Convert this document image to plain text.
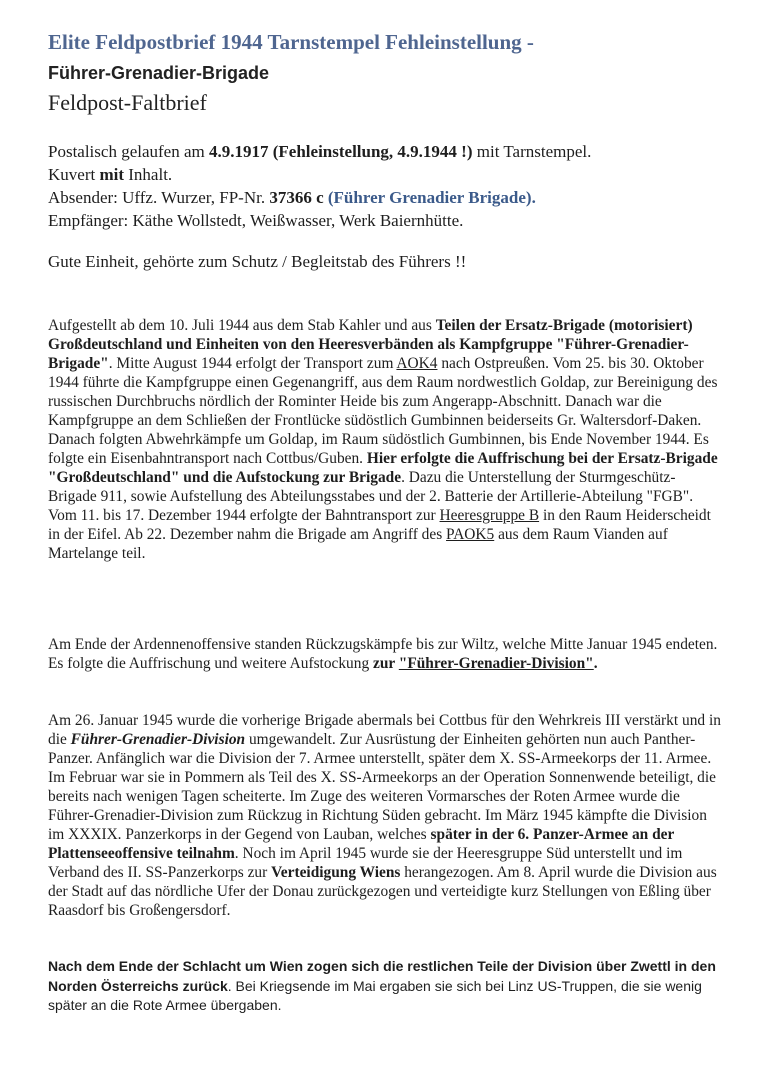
Elite Feldpostbrief 1944 Tarnstempel Fehleinstellung -
Führer-Grenadier-Brigade
Feldpost-Faltbrief
Postalisch gelaufen am 4.9.1917 (Fehleinstellung, 4.9.1944 !) mit Tarnstempel.
Kuvert mit Inhalt.
Absender: Uffz. Wurzer, FP-Nr. 37366 c (Führer Grenadier Brigade).
Empfänger: Käthe Wollstedt, Weißwasser, Werk Baiernhütte.
Gute Einheit, gehörte zum Schutz / Begleitstab des Führers !!

Aufgestellt ab dem 10. Juli 1944 aus dem Stab Kahler und aus Teilen der Ersatz-Brigade (motorisiert) Großdeutschland und Einheiten von den Heeresverbänden als Kampfgruppe "Führer-Grenadier-Brigade". Mitte August 1944 erfolgt der Transport zum AOK4 nach Ostpreußen. Vom 25. bis 30. Oktober 1944 führte die Kampfgruppe einen Gegenangriff, aus dem Raum nordwestlich Goldap, zur Bereinigung des russischen Durchbruchs nördlich der Rominter Heide bis zum Angerapp-Abschnitt. Danach war die Kampfgruppe an dem Schließen der Frontlücke südöstlich Gumbinnen beiderseits Gr. Waltersdorf-Daken. Danach folgten Abwehrkämpfe um Goldap, im Raum südöstlich Gumbinnen, bis Ende November 1944. Es folgte ein Eisenbahntransport nach Cottbus/Guben. Hier erfolgte die Auffrischung bei der Ersatz-Brigade "Großdeutschland" und die Aufstockung zur Brigade. Dazu die Unterstellung der Sturmgeschütz-Brigade 911, sowie Aufstellung des Abteilungsstabes und der 2. Batterie der Artillerie-Abteilung "FGB". Vom 11. bis 17. Dezember 1944 erfolgte der Bahntransport zur Heeresgruppe B in den Raum Heiderscheidt in der Eifel. Ab 22. Dezember nahm die Brigade am Angriff des PAOK5 aus dem Raum Vianden auf Martelange teil.

Am Ende der Ardennenoffensive standen Rückzugskämpfe bis zur Wiltz, welche Mitte Januar 1945 endeten. Es folgte die Auffrischung und weitere Aufstockung zur "Führer-Grenadier-Division".

Am 26. Januar 1945 wurde die vorherige Brigade abermals bei Cottbus für den Wehrkreis III verstärkt und in die Führer-Grenadier-Division umgewandelt. Zur Ausrüstung der Einheiten gehörten nun auch Panther-Panzer. Anfänglich war die Division der 7. Armee unterstellt, später dem X. SS-Armeekorps der 11. Armee. Im Februar war sie in Pommern als Teil des X. SS-Armeekorps an der Operation Sonnenwende beteiligt, die bereits nach wenigen Tagen scheiterte. Im Zuge des weiteren Vormarsches der Roten Armee wurde die Führer-Grenadier-Division zum Rückzug in Richtung Süden gebracht. Im März 1945 kämpfte die Division im XXXIX. Panzerkorps in der Gegend von Lauban, welches später in der 6. Panzer-Armee an der Plattenseeoffensive teilnahm. Noch im April 1945 wurde sie der Heeresgruppe Süd unterstellt und im Verband des II. SS-Panzerkorps zur Verteidigung Wiens herangezogen. Am 8. April wurde die Division aus der Stadt auf das nördliche Ufer der Donau zurückgezogen und verteidigte kurz Stellungen von Eßling über Raasdorf bis Großengersdorf.

Nach dem Ende der Schlacht um Wien zogen sich die restlichen Teile der Division über Zwettl in den Norden Österreichs zurück. Bei Kriegsende im Mai ergaben sie sich bei Linz US-Truppen, die sie wenig später an die Rote Armee übergaben.
